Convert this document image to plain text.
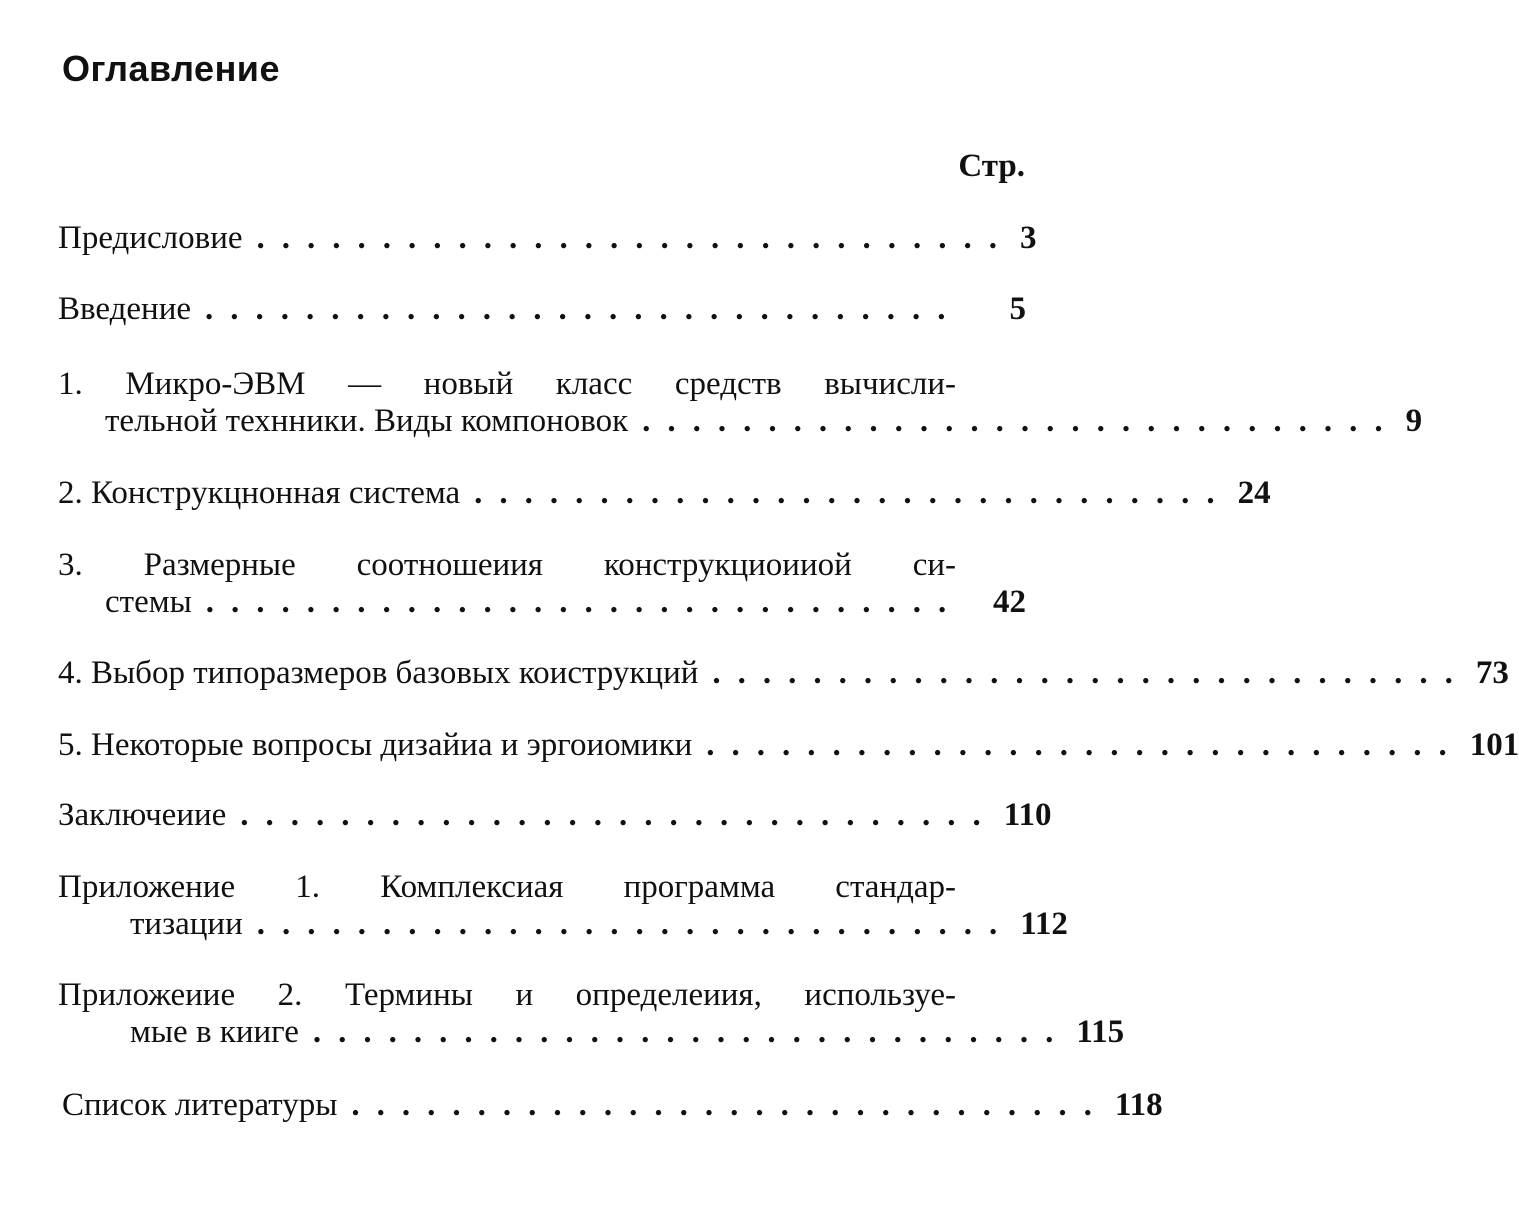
Оглавление
Стр.
Предисловие .............................. 3
Введение ..............................	5
1. Микро-ЭВМ — новый класс средств вычисли-
тельной технники. Виды компоновок .............................. 9
2. Конструкцнонная система .............................. 24
3. Размерные соотношеиия конструкциоииой си-
стемы .............................. 42
4. Выбор типоразмеров базовых коиструкций .............................. 73
5. Некоторые вопросы дизайиа и эргоиомики .............................. 101
Заключеиие .............................. 110
Приложение 1. Комплексиая программа стандар-
тизации .............................. 112
Приложеиие 2. Термины и определеиия, используе-
мые в кииге .............................. 115
Список литературы .............................. 118
